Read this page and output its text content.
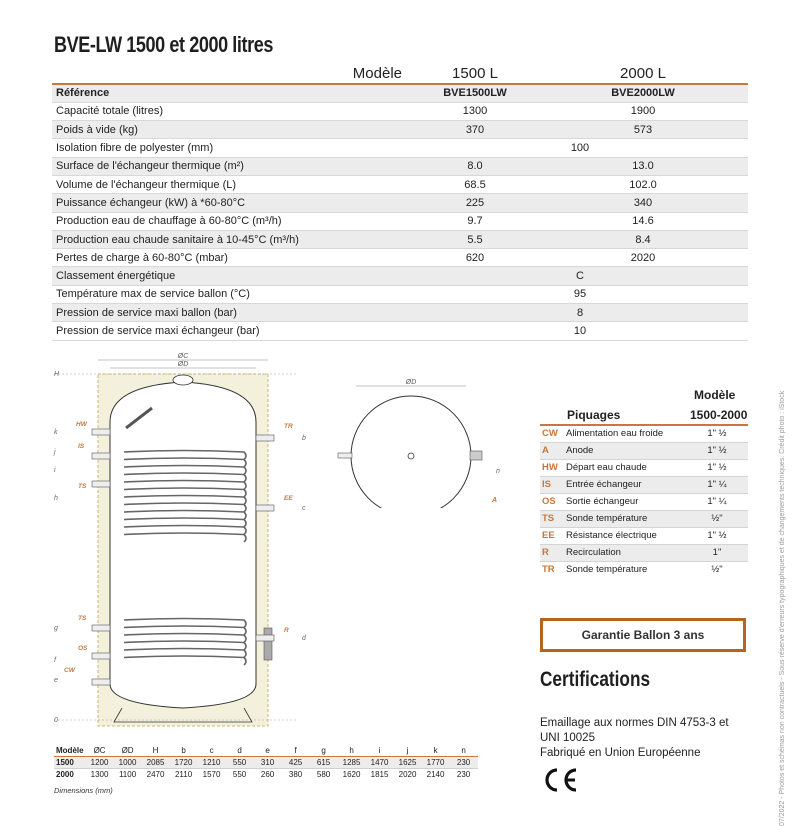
BVE-LW 1500 et 2000 litres
Modèle	1500 L	2000 L
Référence	BVE1500LW	BVE2000LW
Capacité totale (litres)	1300	1900
Poids à vide (kg)	370	573
Isolation fibre de polyester (mm)	100	
Surface de l'échangeur thermique (m²)	8.0	13.0
Volume de l'échangeur thermique (L)	68.5	102.0
Puissance échangeur (kW) à *60-80°C	225	340
Production eau de chauffage à 60-80°C (m³/h)	9.7	14.6
Production eau chaude sanitaire à 10-45°C (m³/h)	5.5	8.4
Pertes de charge à 60-80°C (mbar)	620	2020
Classement énergétique	C	
Température max de service ballon (°C)	95	
Pression de service maxi ballon (bar)	8	
Pression de service maxi échangeur (bar)	10	
ØC
ØD
H
k
j
i
h
g
f
e
0
b
c
d
HW
IS
TS
TS
OS
CW
TR
EE
R
ØD
n
A
Modèle
Piquages	1500-2000
CW	Alimentation eau froide	1" ½
A	Anode	1" ½
HW	Départ eau chaude	1" ½
IS	Entrée échangeur	1" ¼
OS	Sortie échangeur	1" ¼
TS	Sonde température	½"
EE	Résistance électrique	1" ½
R	Recirculation	1"
TR	Sonde température	½"
Garantie Ballon 3 ans
Certifications
Emaillage aux normes DIN 4753-3 et UNI 10025
Fabriqué en Union Européenne
Modèle	ØC	ØD	H	b	c	d	e	f	g	h	i	j	k	n
1500	1200	1000	2085	1720	1210	550	310	425	615	1285	1470	1625	1770	230
2000	1300	1100	2470	2110	1570	550	260	380	580	1620	1815	2020	2140	230
Dimensions (mm)	07/2022 - Photos et schémas non contractuels - Sous réserve d'erreurs typographiques et de changements techniques. Crédit photo : iStock
